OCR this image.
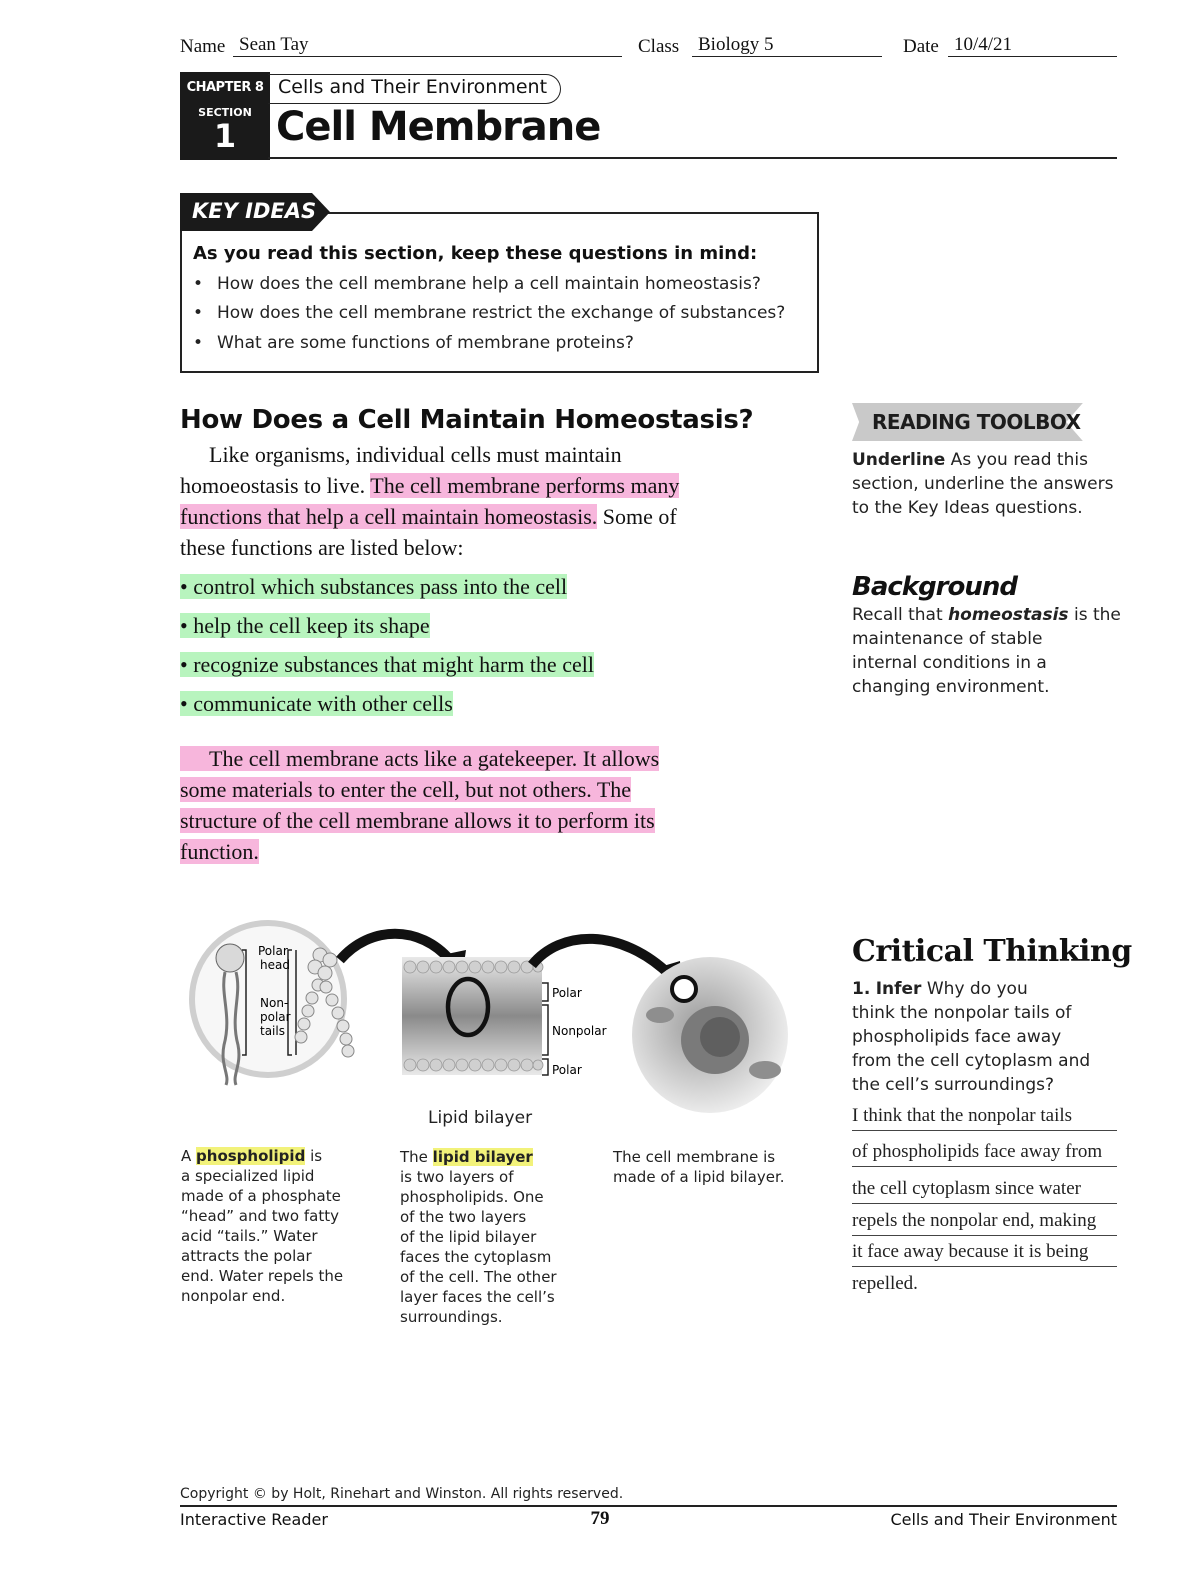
Name Sean Tay	Class Biology 5	Date 10/4/21
CHAPTER 8
SECTION
1
Cells and Their Environment
Cell Membrane
KEY IDEAS
As you read this section, keep these questions in mind:
• How does the cell membrane help a cell maintain homeostasis?
• How does the cell membrane restrict the exchange of substances?
• What are some functions of membrane proteins?
How Does a Cell Maintain Homeostasis?
Like organisms, individual cells must maintain
homoeostasis to live. The cell membrane performs many
functions that help a cell maintain homeostasis. Some of
these functions are listed below:
• control which substances pass into the cell
• help the cell keep its shape
• recognize substances that might harm the cell
• communicate with other cells
The cell membrane acts like a gatekeeper. It allows
some materials to enter the cell, but not others. The
structure of the cell membrane allows it to perform its
function.
READING TOOLBOX
Underline As you read this
section, underline the answers
to the Key Ideas questions.
Background
Recall that homeostasis is the
maintenance of stable
internal conditions in a
changing environment.
Critical Thinking
1. Infer Why do you
think the nonpolar tails of
phospholipids face away
from the cell cytoplasm and
the cell’s surroundings?
I think that the nonpolar tails
of phospholipids face away from
the cell cytoplasm since water
repels the nonpolar end, making
it face away because it is being
repelled.
Polar
head
Non-
polar
tails
Polar
Nonpolar
Polar
Lipid bilayer
A phospholipid is
a specialized lipid
made of a phosphate
“head” and two fatty
acid “tails.” Water
attracts the polar
end. Water repels the
nonpolar end.
The lipid bilayer
is two layers of
phospholipids. One
of the two layers
of the lipid bilayer
faces the cytoplasm
of the cell. The other
layer faces the cell’s
surroundings.
The cell membrane is
made of a lipid bilayer.
Copyright © by Holt, Rinehart and Winston. All rights reserved.
Interactive Reader	79	Cells and Their Environment
